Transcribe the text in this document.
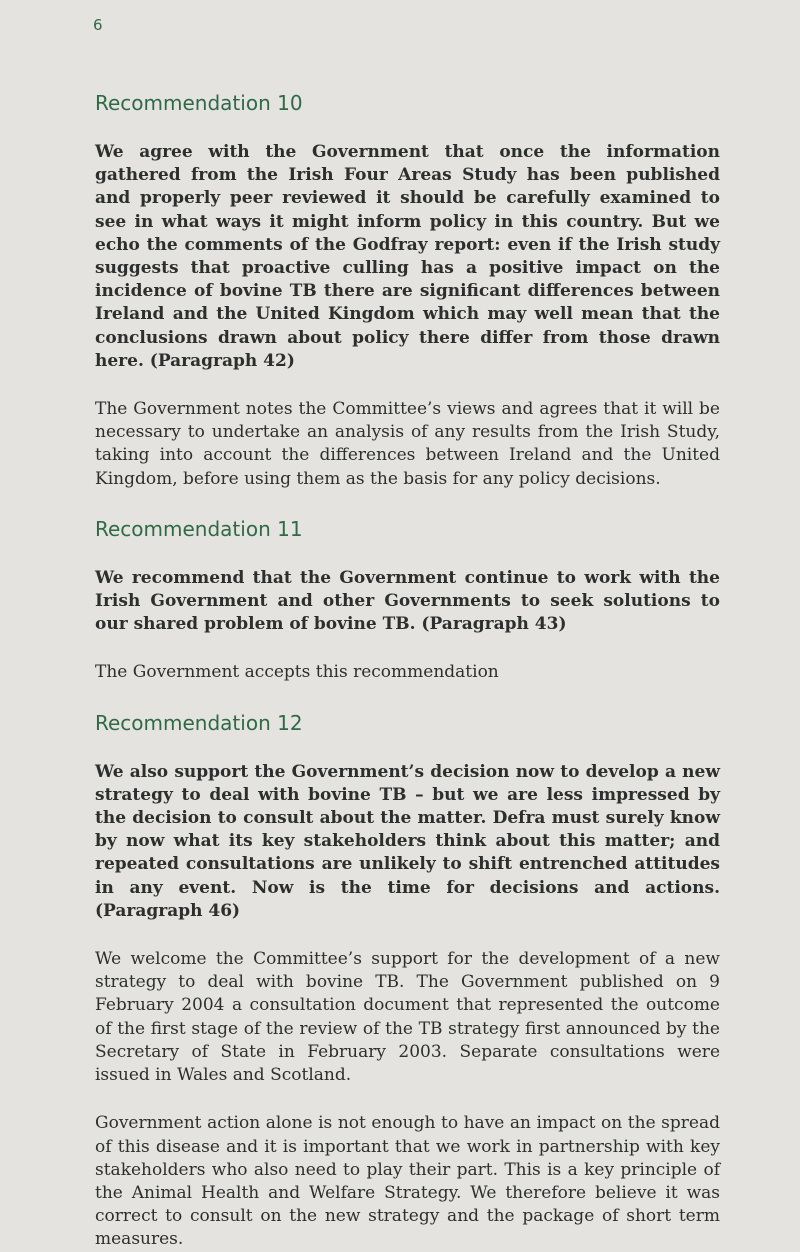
6
Recommendation 10

We agree with the Government that once the information gathered from the Irish Four Areas Study has been published and properly peer reviewed it should be carefully examined to see in what ways it might inform policy in this country. But we echo the comments of the Godfray report: even if the Irish study suggests that proactive culling has a positive impact on the incidence of bovine TB there are significant differences between Ireland and the United Kingdom which may well mean that the conclusions drawn about policy there differ from those drawn here. (Paragraph 42)

The Government notes the Committee’s views and agrees that it will be necessary to undertake an analysis of any results from the Irish Study, taking into account the differences between Ireland and the United Kingdom, before using them as the basis for any policy decisions.

Recommendation 11

We recommend that the Government continue to work with the Irish Government and other Governments to seek solutions to our shared problem of bovine TB. (Paragraph 43)

The Government accepts this recommendation

Recommendation 12

We also support the Government’s decision now to develop a new strategy to deal with bovine TB – but we are less impressed by the decision to consult about the matter. Defra must surely know by now what its key stakeholders think about this matter; and repeated consultations are unlikely to shift entrenched attitudes in any event. Now is the time for decisions and actions. (Paragraph 46)

We welcome the Committee’s support for the development of a new strategy to deal with bovine TB. The Government published on 9 February 2004 a consultation document that represented the outcome of the first stage of the review of the TB strategy first announced by the Secretary of State in February 2003. Separate consultations were issued in Wales and Scotland.

Government action alone is not enough to have an impact on the spread of this disease and it is important that we work in partnership with key stakeholders who also need to play their part. This is a key principle of the Animal Health and Welfare Strategy. We therefore believe it was correct to consult on the new strategy and the package of short term measures.
